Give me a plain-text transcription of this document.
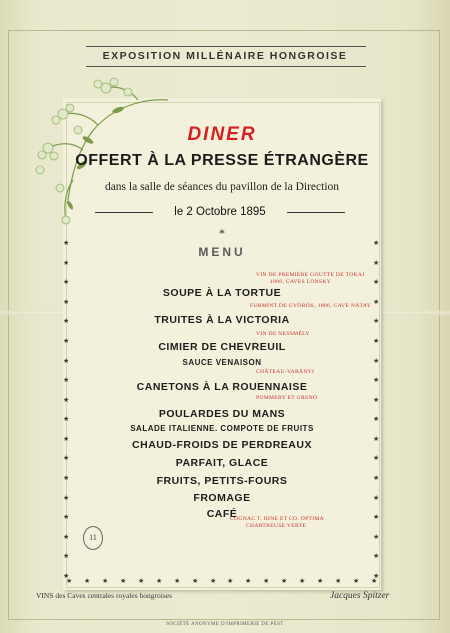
EXPOSITION MILLÉNAIRE HONGROISE
DINER
OFFERT À LA PRESSE ÉTRANGÈRE
dans la salle de séances du pavillon de la Direction
le 2 Octobre 1895
*
MENU
SOUPE À LA TORTUE
TRUITES À LA VICTORIA
CIMIER DE CHEVREUIL
SAUCE VENAISON
CANETONS À LA ROUENNAISE
POULARDES DU MANS
SALADE ITALIENNE. COMPOTE DE FRUITS
CHAUD-FROIDS DE PERDREAUX
PARFAIT, GLACE
FRUITS, PETITS-FOURS
FROMAGE
CAFÉ
VIN DE PREMIÈRE GOUTTE DE TOKAJ
1866, CAVES LONSKY
FURMINT DE GYÖRÖK, 1886, CAVE NÁTAY
VIN DE NESSMÉLY
CHÂTEAU-VARÁNYI
POMMERY ET GRENO
COGNAC T. HINE ET CO. OPTIMA
CHARTREUSE VERTE
11
★
★
★
★
★
★
★
★
★
★
★
★
★
★
★
★
★
★
★
★
★
★
★
★
★
★
★
★
★
★
★
★
★
★
★
★
★ ★ ★ ★ ★ ★ ★ ★ ★ ★ ★ ★ ★ ★ ★ ★ ★ ★
VINS des Caves centrales royales hongroises	Jacques Spitzer
SOCIÉTÉ ANONYME D'IMPRIMERIE DE PEST
